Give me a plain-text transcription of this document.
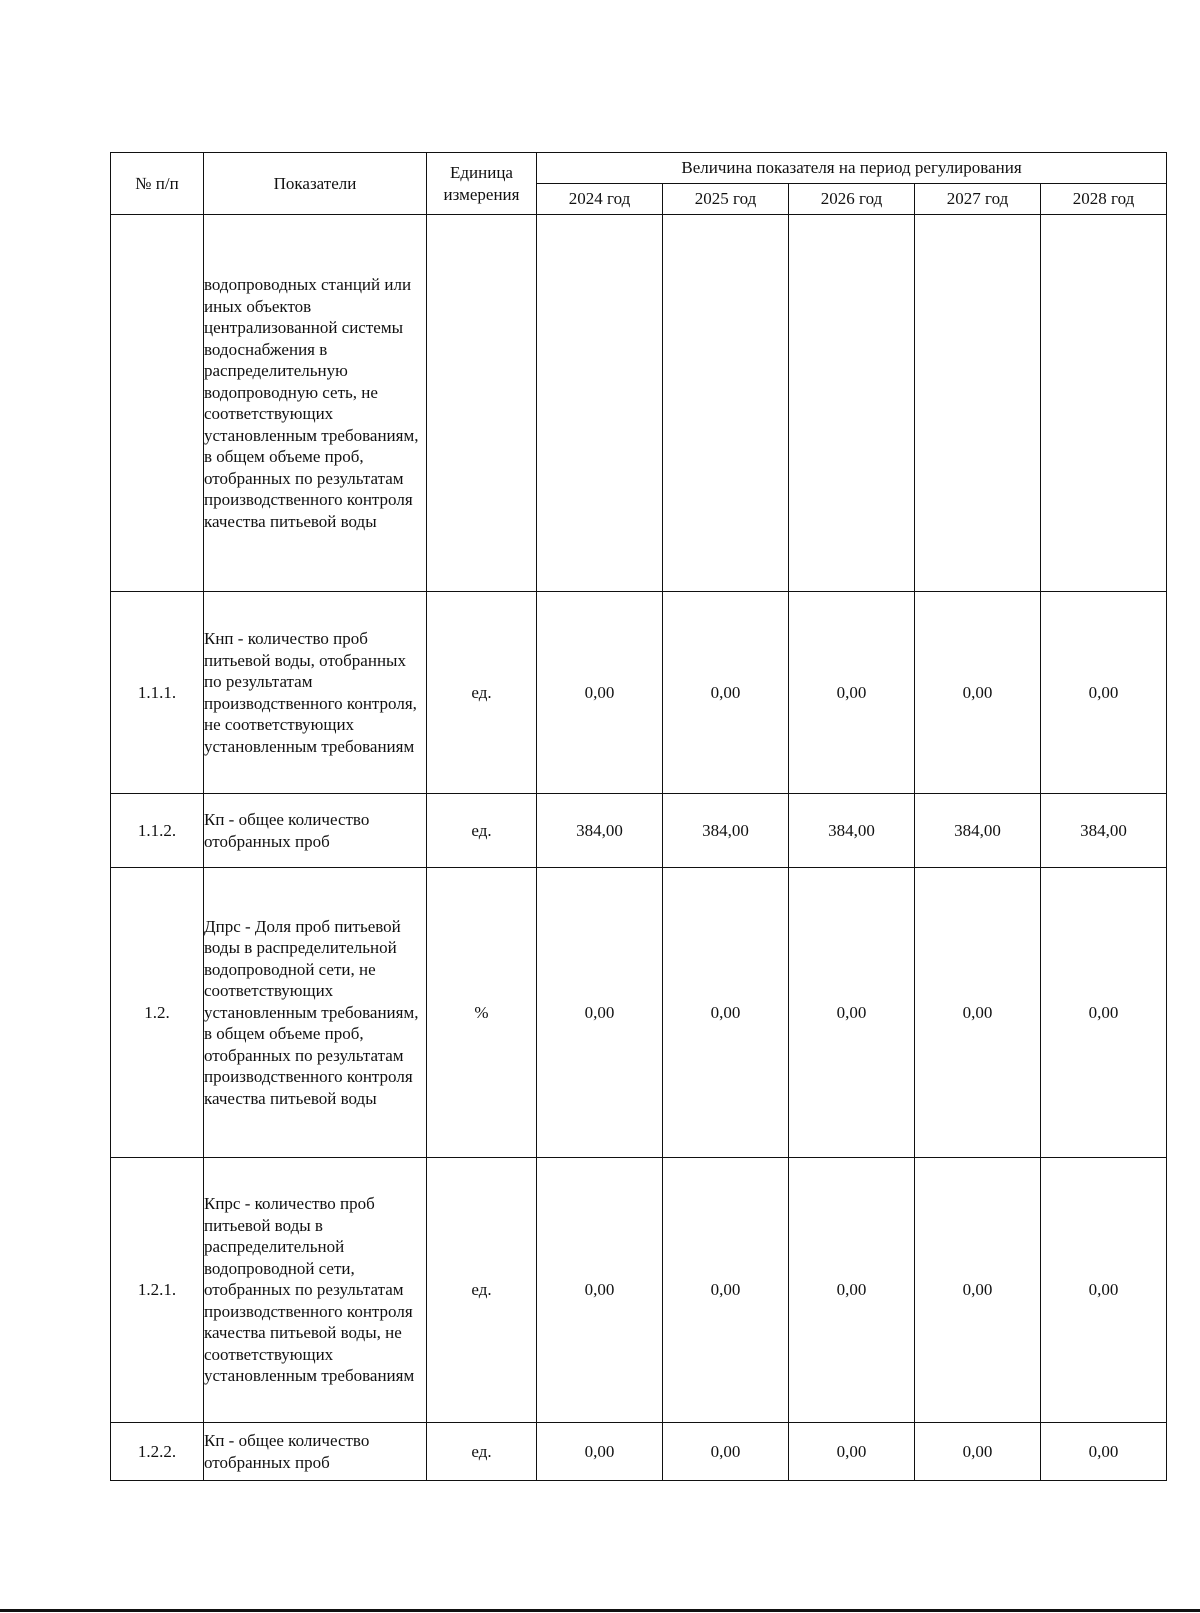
№ п/п	Показатели	Единица измерения	Величина показателя на период регулирования				
			2024 год	2025 год	2026 год	2027 год	2028 год
	водопроводных станций или иных объектов централизованной системы водоснабжения в распределительную водопроводную сеть, не соответствующих установленным требованиям, в общем объеме проб, отобранных по результатам производственного контроля качества питьевой воды						
1.1.1.	Кнп - количество проб питьевой воды, отобранных по результатам производственного контроля, не соответствующих установленным требованиям	ед.	0,00	0,00	0,00	0,00	0,00
1.1.2.	Кп - общее количество отобранных проб	ед.	384,00	384,00	384,00	384,00	384,00
1.2.	Дпрс - Доля проб питьевой воды в распределительной водопроводной сети, не соответствующих установленным требованиям, в общем объеме проб, отобранных по результатам производственного контроля качества питьевой воды	%	0,00	0,00	0,00	0,00	0,00
1.2.1.	Кпрс - количество проб питьевой воды в распределительной водопроводной сети, отобранных по результатам производственного контроля качества питьевой воды, не соответствующих установленным требованиям	ед.	0,00	0,00	0,00	0,00	0,00
1.2.2.	Кп - общее количество отобранных проб	ед.	0,00	0,00	0,00	0,00	0,00
